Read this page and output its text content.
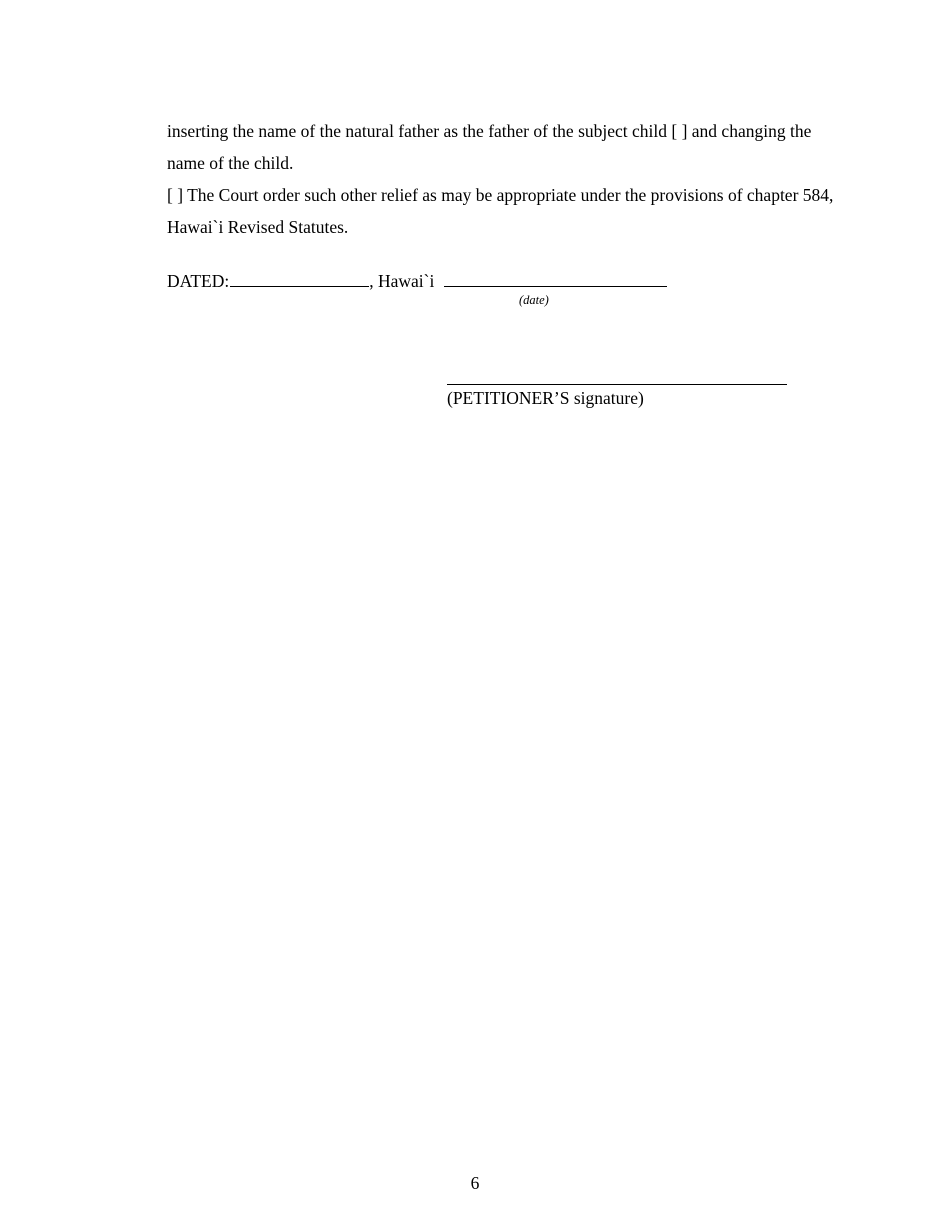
inserting the name of the natural father as the father of the subject child [ ] and changing the name of the child.

[ ] The Court order such other relief as may be appropriate under the provisions of chapter 584, Hawai`i Revised Statutes.

DATED:	, Hawai`i
(date)
(PETITIONER’S signature)
6
